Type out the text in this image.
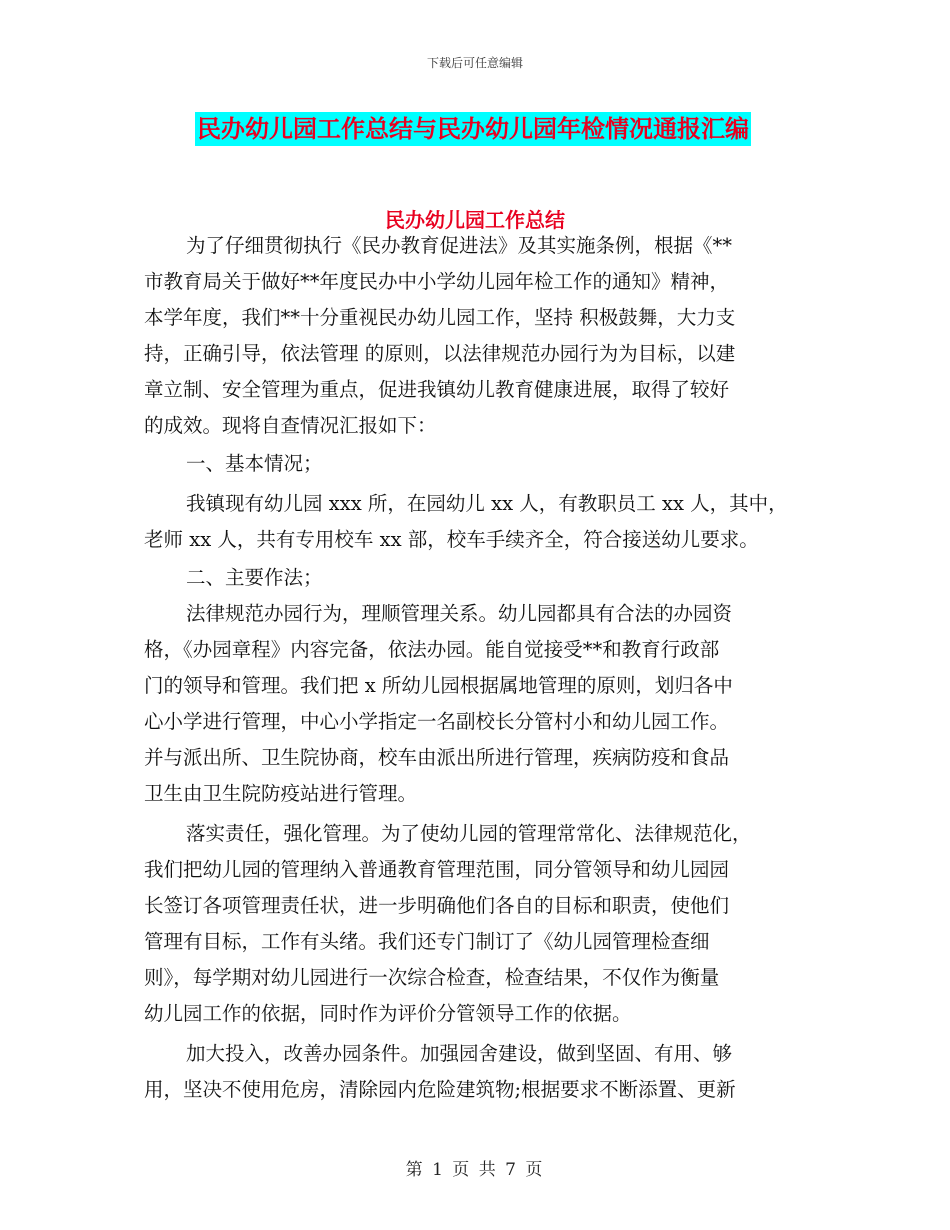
下载后可任意编辑
民办幼儿园工作总结与民办幼儿园年检情况通报汇编
民办幼儿园工作总结
为了仔细贯彻执行《民办教育促进法》及其实施条例，根据《**
市教育局关于做好**年度民办中小学幼儿园年检工作的通知》精神，
本学年度，我们**十分重视民办幼儿园工作，坚持 积极鼓舞，大力支
持，正确引导，依法管理 的原则，以法律规范办园行为为目标，以建
章立制、安全管理为重点，促进我镇幼儿教育健康进展，取得了较好
的成效。现将自查情况汇报如下：
一、基本情况；
我镇现有幼儿园 xxx 所，在园幼儿 xx 人，有教职员工 xx 人，其中，
老师 xx 人，共有专用校车 xx 部，校车手续齐全，符合接送幼儿要求。
二、主要作法；
法律规范办园行为，理顺管理关系。幼儿园都具有合法的办园资
格，《办园章程》内容完备，依法办园。能自觉接受**和教育行政部
门的领导和管理。我们把 x 所幼儿园根据属地管理的原则，划归各中
心小学进行管理，中心小学指定一名副校长分管村小和幼儿园工作。
并与派出所、卫生院协商，校车由派出所进行管理，疾病防疫和食品
卫生由卫生院防疫站进行管理。
落实责任，强化管理。为了使幼儿园的管理常常化、法律规范化，
我们把幼儿园的管理纳入普通教育管理范围，同分管领导和幼儿园园
长签订各项管理责任状，进一步明确他们各自的目标和职责，使他们
管理有目标，工作有头绪。我们还专门制订了《幼儿园管理检查细
则》，每学期对幼儿园进行一次综合检查，检查结果，不仅作为衡量
幼儿园工作的依据，同时作为评价分管领导工作的依据。
加大投入，改善办园条件。加强园舍建设，做到坚固、有用、够
用，坚决不使用危房，清除园内危险建筑物;根据要求不断添置、更新
第 1 页 共 7 页
